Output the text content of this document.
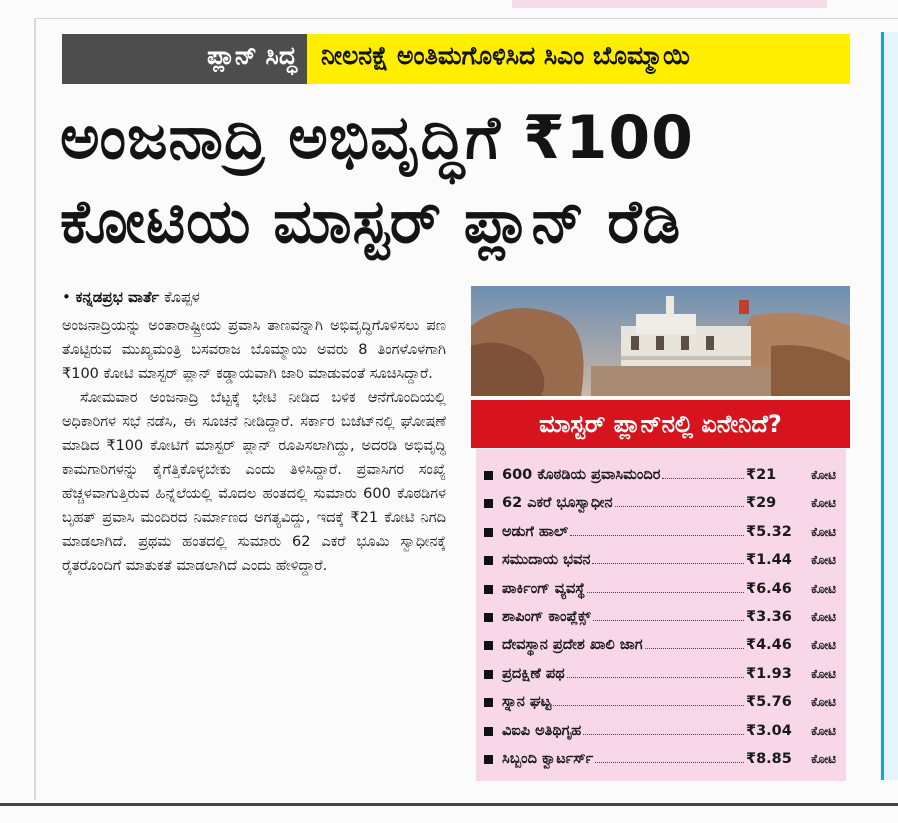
ಪ್ಲಾನ್ ಸಿದ್ಧ ನೀಲನಕ್ಷೆ ಅಂತಿಮಗೊಳಿಸಿದ ಸಿಎಂ ಬೊಮ್ಮಾಯಿ
ಅಂಜನಾದ್ರಿ ಅಭಿವೃದ್ಧಿಗೆ ₹100
ಕೋಟಿಯ ಮಾಸ್ಟರ್ ಪ್ಲಾನ್ ರೆಡಿ
• ಕನ್ನಡಪ್ರಭ ವಾರ್ತೆ ಕೊಪ್ಪಳ

ಅಂಜನಾದ್ರಿಯನ್ನು ಅಂತಾರಾಷ್ಟ್ರೀಯ ಪ್ರವಾಸಿ ತಾಣವನ್ನಾಗಿ ಅಭಿವೃದ್ಧಿಗೊಳಿಸಲು ಪಣ ತೊಟ್ಟಿರುವ ಮುಖ್ಯಮಂತ್ರಿ ಬಸವರಾಜ ಬೊಮ್ಮಾಯಿ ಅವರು 8 ತಿಂಗಳೊಳಗಾಗಿ ₹100 ಕೋಟಿ ಮಾಸ್ಟರ್ ಪ್ಲಾನ್ ಕಡ್ಡಾಯವಾಗಿ ಜಾರಿ ಮಾಡುವಂತೆ ಸೂಚಿಸಿದ್ದಾರೆ.

ಸೋಮವಾರ ಅಂಜನಾದ್ರಿ ಬೆಟ್ಟಕ್ಕೆ ಭೇಟಿ ನೀಡಿದ ಬಳಿಕ ಆನೆಗೊಂದಿಯಲ್ಲಿ ಅಧಿಕಾರಿಗಳ ಸಭೆ ನಡೆಸಿ, ಈ ಸೂಚನೆ ನೀಡಿದ್ದಾರೆ. ಸರ್ಕಾರ ಬಜೆಟ್‌ನಲ್ಲಿ ಘೋಷಣೆ ಮಾಡಿದ ₹100 ಕೋಟಿಗೆ ಮಾಸ್ಟರ್ ಪ್ಲಾನ್ ರೂಪಿಸಲಾಗಿದ್ದು, ಅದರಡಿ ಅಭಿವೃದ್ಧಿ ಕಾಮಗಾರಿಗಳನ್ನು ಕೈಗೆತ್ತಿಕೊಳ್ಳಬೇಕು ಎಂದು ತಿಳಿಸಿದ್ದಾರೆ. ಪ್ರವಾಸಿಗರ ಸಂಖ್ಯೆ ಹೆಚ್ಚಳವಾಗುತ್ತಿರುವ ಹಿನ್ನೆಲೆಯಲ್ಲಿ ಮೊದಲ ಹಂತದಲ್ಲಿ ಸುಮಾರು 600 ಕೊಠಡಿಗಳ ಬೃಹತ್ ಪ್ರವಾಸಿ ಮಂದಿರದ ನಿರ್ಮಾಣದ ಅಗತ್ಯವಿದ್ದು, ಇದಕ್ಕೆ ₹21 ಕೋಟಿ ನಿಗದಿ ಮಾಡಲಾಗಿದೆ. ಪ್ರಥಮ ಹಂತದಲ್ಲಿ ಸುಮಾರು 62 ಎಕರೆ ಭೂಮಿ ಸ್ವಾಧೀನಕ್ಕೆ ರೈತರೊಂದಿಗೆ ಮಾತುಕತೆ ಮಾಡಲಾಗಿದೆ ಎಂದು ಹೇಳಿದ್ದಾರೆ.

ಮಾಸ್ಟರ್ ಪ್ಲಾನ್‌ನಲ್ಲಿ ಏನೇನಿದೆ?
600 ಕೊಠಡಿಯ ಪ್ರವಾಸಿಮಂದಿರ	₹21	ಕೋಟಿ
62 ಎಕರೆ ಭೂಸ್ವಾಧೀನ	₹29	ಕೋಟಿ
ಅಡುಗೆ ಹಾಲ್	₹5.32 ಕೋಟಿ
ಸಮುದಾಯ ಭವನ	₹1.44 ಕೋಟಿ
ಪಾರ್ಕಿಂಗ್ ವ್ಯವಸ್ಥೆ	₹6.46 ಕೋಟಿ
ಶಾಪಿಂಗ್ ಕಾಂಪ್ಲೆಕ್ಸ್	₹3.36 ಕೋಟಿ
ದೇವಸ್ಥಾನ ಪ್ರದೇಶ ಖಾಲಿ ಜಾಗ	₹4.46 ಕೋಟಿ
ಪ್ರದಕ್ಷಿಣೆ ಪಥ	₹1.93 ಕೋಟಿ
ಸ್ನಾನ ಘಟ್ಟ	₹5.76 ಕೋಟಿ
ವಿಐಪಿ ಅತಿಥಿಗೃಹ	₹3.04 ಕೋಟಿ
ಸಿಬ್ಬಂದಿ ಕ್ವಾರ್ಟರ್ಸ್	₹8.85 ಕೋಟಿ
